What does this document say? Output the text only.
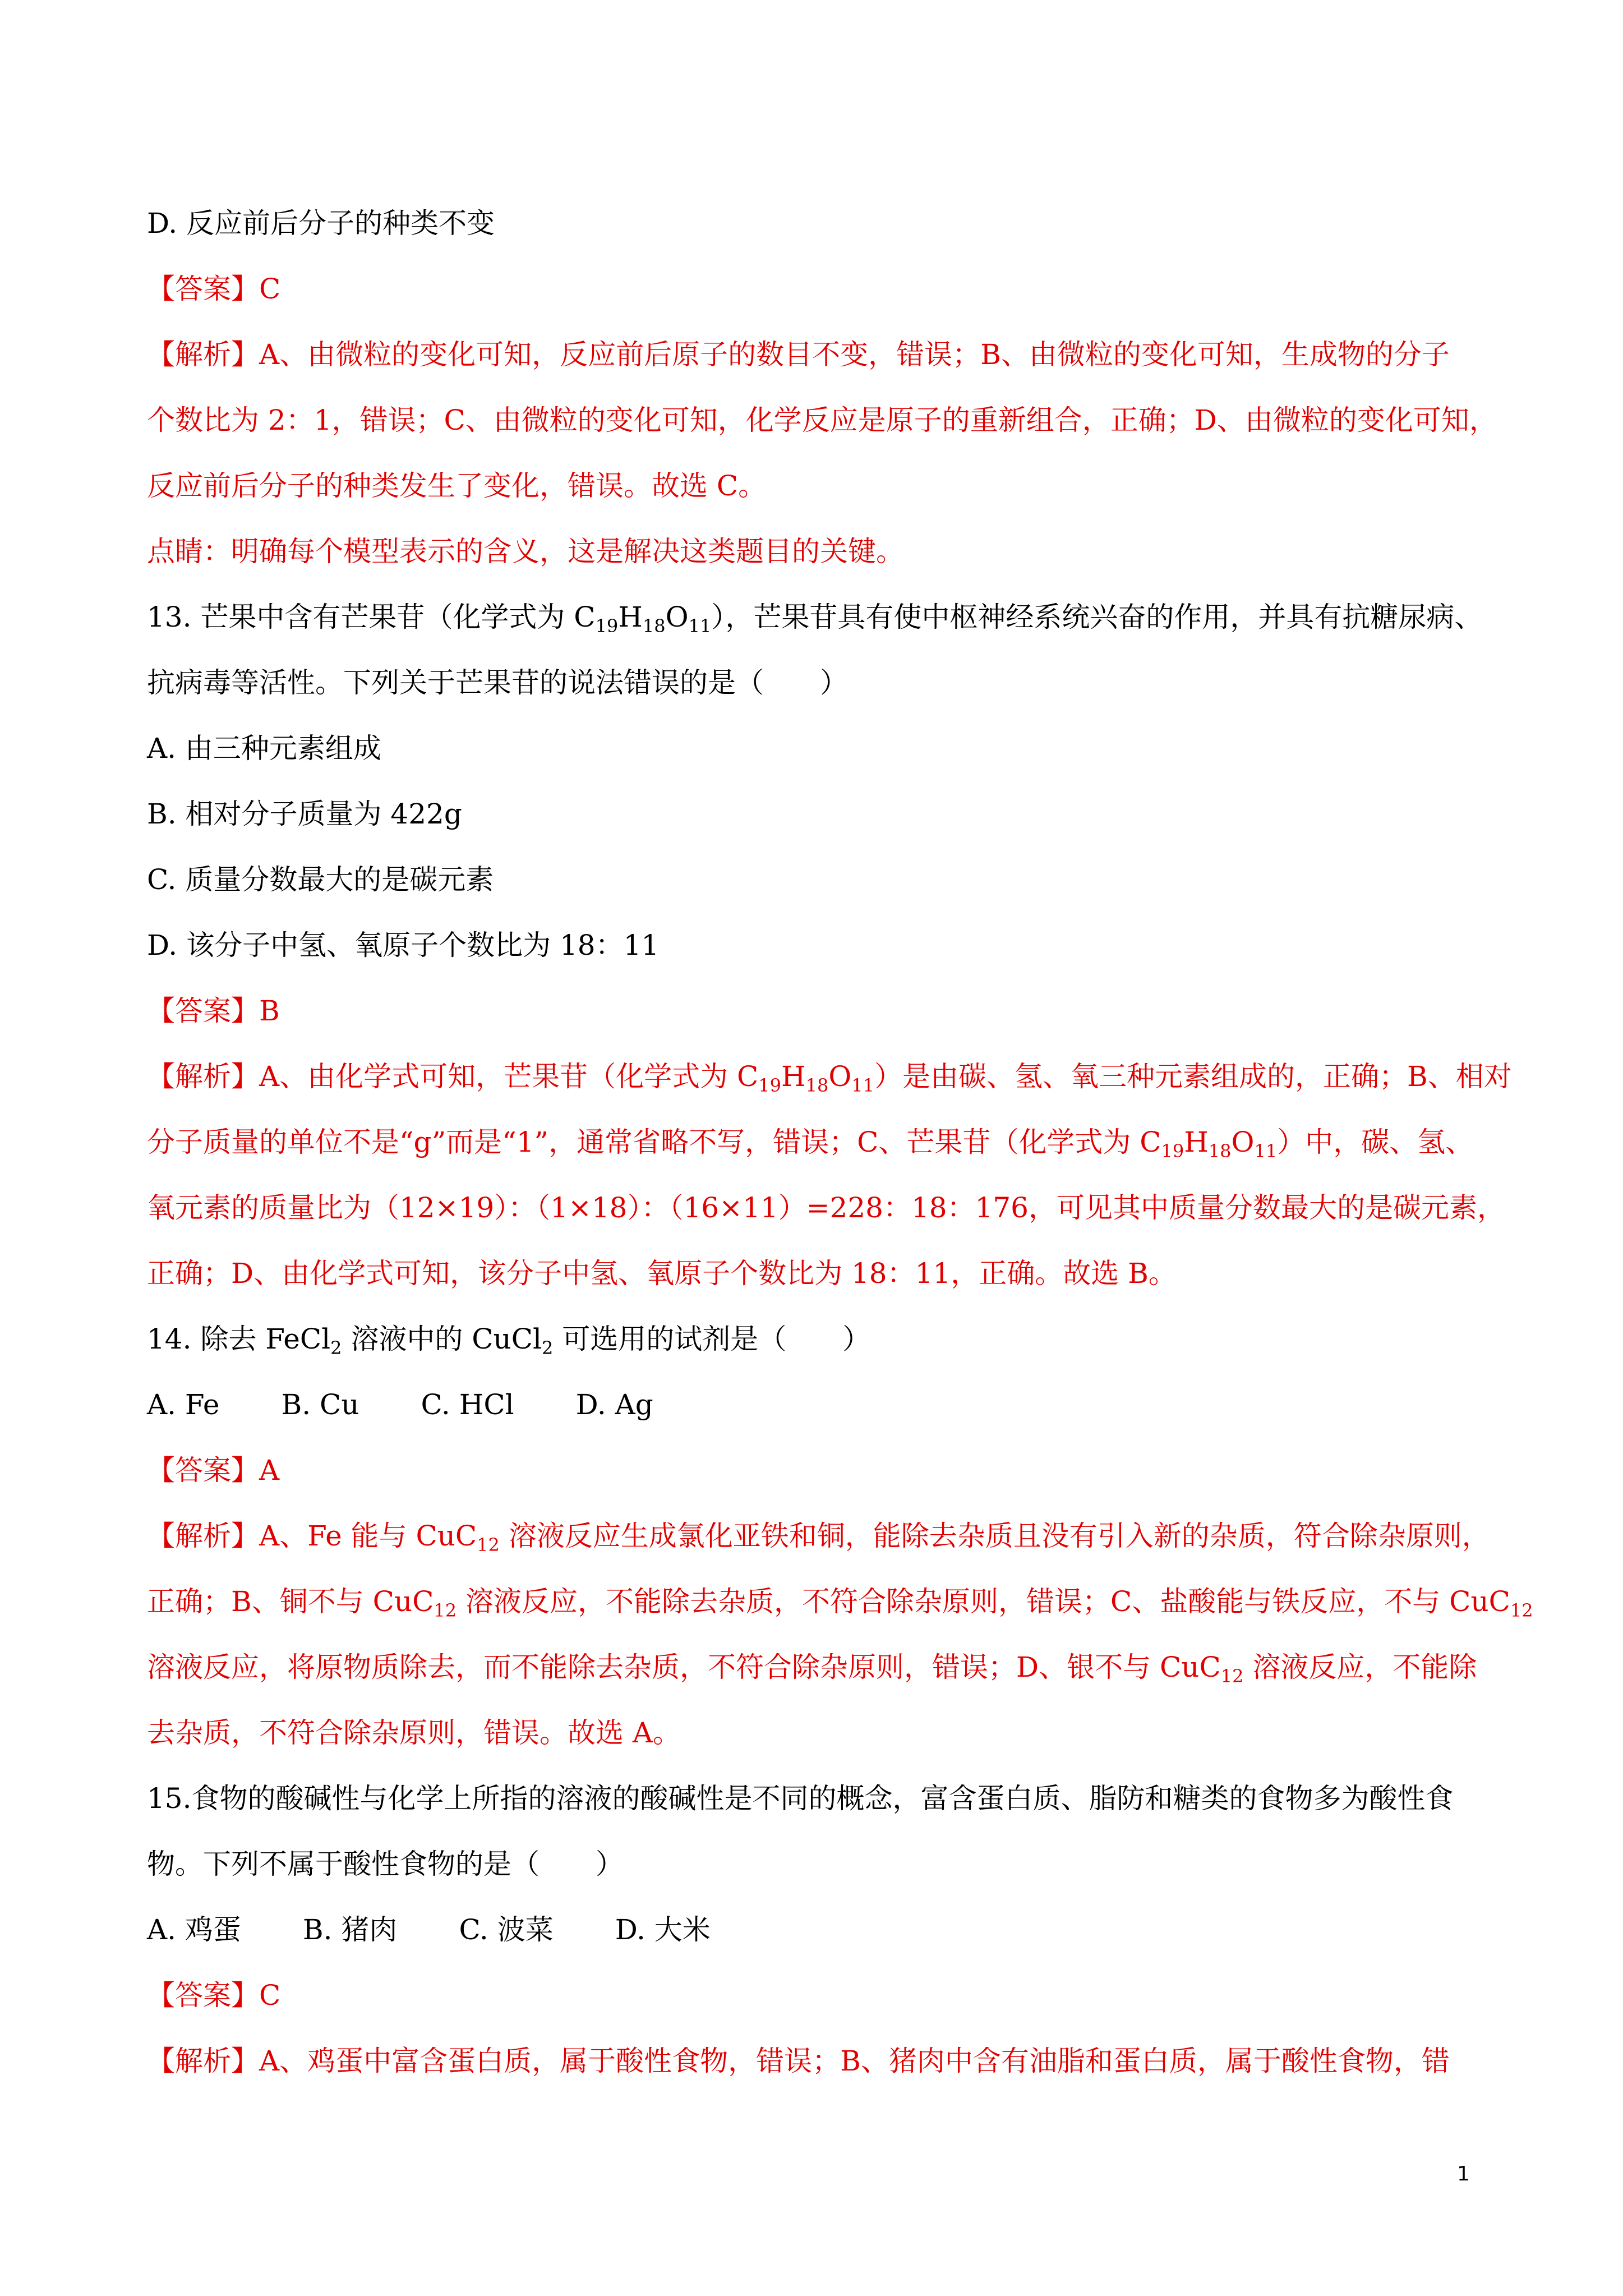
D. 反应前后分子的种类不变
【答案】C
【解析】A、由微粒的变化可知，反应前后原子的数目不变，错误；B、由微粒的变化可知，生成物的分子
个数比为 2：1，错误；C、由微粒的变化可知，化学反应是原子的重新组合，正确；D、由微粒的变化可知，
反应前后分子的种类发生了变化，错误。故选 C。
点睛：明确每个模型表示的含义，这是解决这类题目的关键。
13. 芒果中含有芒果苷（化学式为 $C_{19}H_{18}O_{11}$），芒果苷具有使中枢神经系统兴奋的作用，并具有抗糖尿病、
抗病毒等活性。下列关于芒果苷的说法错误的是（　　）
A. 由三种元素组成
B. 相对分子质量为 422g
C. 质量分数最大的是碳元素
D. 该分子中氢、氧原子个数比为 18：11
【答案】B
【解析】A、由化学式可知，芒果苷（化学式为 $C_{19}H_{18}O_{11}$）是由碳、氢、氧三种元素组成的，正确；B、相对
分子质量的单位不是“g”而是“1”，通常省略不写，错误；C、芒果苷（化学式为 $C_{19}H_{18}O_{11}$）中，碳、氢、
氧元素的质量比为（12×19）：（1×18）：（16×11）=228：18：176，可见其中质量分数最大的是碳元素，
正确；D、由化学式可知，该分子中氢、氧原子个数比为 18：11，正确。故选 B。
14. 除去 FeCl$_2$ 溶液中的 CuCl$_2$ 可选用的试剂是（　　）
A. Fe B. Cu C. HCl D. Ag
【答案】A
【解析】A、Fe 能与 CuC$_{12}$ 溶液反应生成氯化亚铁和铜，能除去杂质且没有引入新的杂质，符合除杂原则，
正确；B、铜不与 CuC$_{12}$ 溶液反应，不能除去杂质，不符合除杂原则，错误；C、盐酸能与铁反应，不与 CuC$_{12}$
溶液反应，将原物质除去，而不能除去杂质，不符合除杂原则，错误；D、银不与 CuC$_{12}$ 溶液反应，不能除
去杂质，不符合除杂原则，错误。故选 A。
15.食物的酸碱性与化学上所指的溶液的酸碱性是不同的概念，富含蛋白质、脂防和糖类的食物多为酸性食
物。下列不属于酸性食物的是（　　）
A. 鸡蛋 B. 猪肉 C. 波菜 D. 大米
【答案】C
【解析】A、鸡蛋中富含蛋白质，属于酸性食物，错误；B、猪肉中含有油脂和蛋白质，属于酸性食物，错
1
